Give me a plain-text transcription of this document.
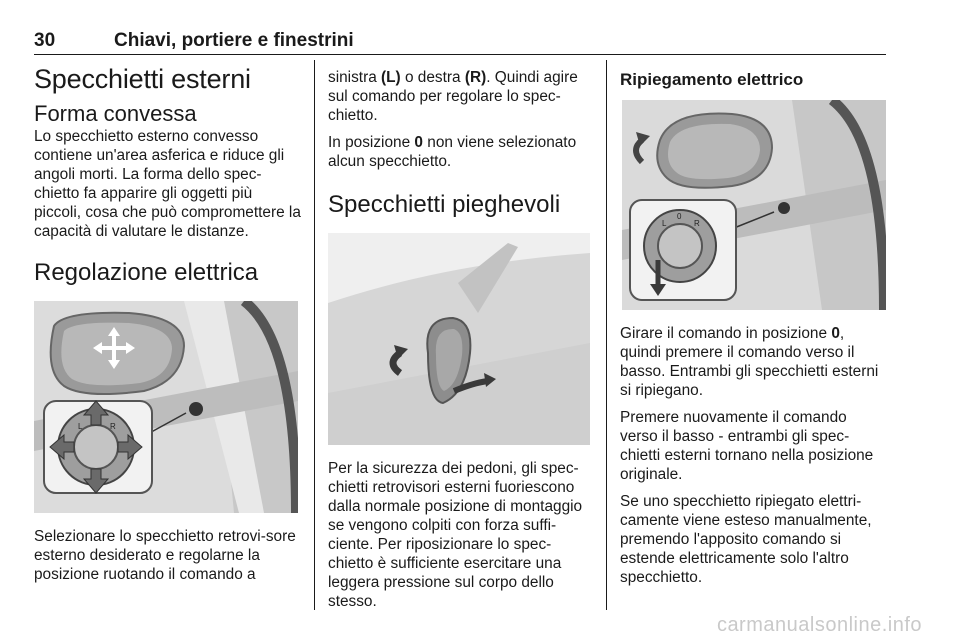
30	Chiavi, portiere e finestrini
Specchietti esterni
Forma convessa

Lo specchietto esterno convesso contiene un'area asferica e riduce gli angoli morti. La forma dello spec-chietto fa apparire gli oggetti più piccoli, cosa che può compromettere la capacità di valutare le distanze.

Regolazione elettrica
L	R

Selezionare lo specchietto retrovi-sore esterno desiderato e regolarne la posizione ruotando il comando a

sinistra (L) o destra (R). Quindi agire sul comando per regolare lo spec-chietto.

In posizione 0 non viene selezionato alcun specchietto.

Specchietti pieghevoli

Per la sicurezza dei pedoni, gli spec-chietti retrovisori esterni fuoriescono dalla normale posizione di montaggio se vengono colpiti con forza suffi-ciente. Per riposizionare lo spec-chietto è sufficiente esercitare una leggera pressione sul corpo dello stesso.

Ripiegamento elettrico
L
0
R

Girare il comando in posizione 0, quindi premere il comando verso il basso. Entrambi gli specchietti esterni si ripiegano.

Premere nuovamente il comando verso il basso - entrambi gli spec-chietti esterni tornano nella posizione originale.

Se uno specchietto ripiegato elettri-camente viene esteso manualmente, premendo l'apposito comando si estende elettricamente solo l'altro specchietto.

carmanualsonline.info
